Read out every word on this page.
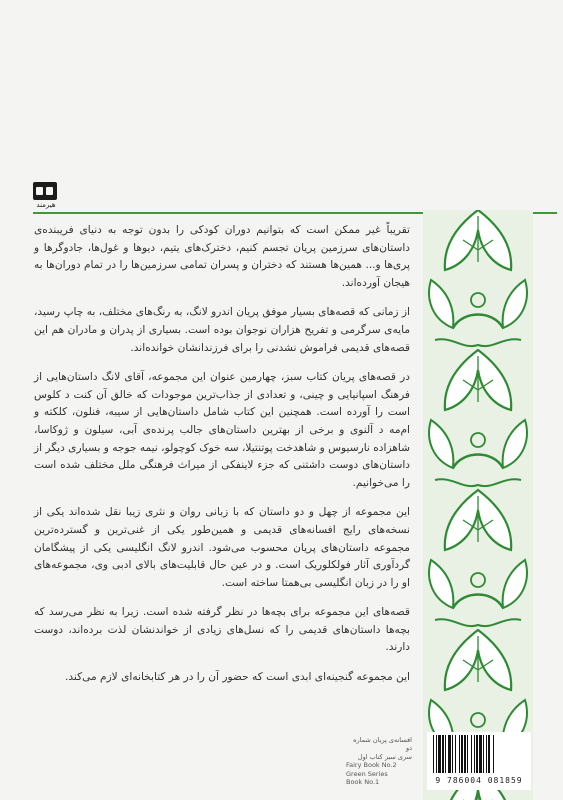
هیرمند

تقریباً غیر ممکن است که بتوانیم دوران کودکی را بدون توجه به دنیای فریبنده‌ی داستان‌های سرزمین پریان تجسم کنیم، دخترک‌های یتیم، دیوها و غول‌ها، جادوگرها و پری‌ها و... همین‌ها هستند که دختران و پسران تمامی سرزمین‌ها را در تمام دوران‌ها به هیجان آورده‌اند.

از زمانی که قصه‌های بسیار موفق پریان اندرو لانگ، به رنگ‌های مختلف، به چاپ رسید، مایه‌ی سرگرمی و تفریح هزاران نوجوان بوده است. بسیاری از پدران و مادران هم این قصه‌های قدیمی فراموش نشدنی را برای فرزندانشان خوانده‌اند.

در قصه‌های پریان کتاب سبز، چهارمین عنوان این مجموعه، آقای لانگ داستان‌هایی از فرهنگ اسپانیایی و چینی، و تعدادی از جذاب‌ترین موجودات که خالق آن کنت د کلوس است را آورده است. همچنین این کتاب شامل داستان‌هایی از سیبه، فنلون، کلکته و ام‌مه د آلنوی و برخی از بهترین داستان‌های جالب پرنده‌ی آبی، سیلون و ژوکاسا، شاهزاده نارسیوس و شاهدخت پوتنتیلا، سه خوک کوچولو، نیمه جوجه و بسیاری دیگر از داستان‌های دوست داشتنی که جزء لاینفکی از میراث فرهنگی ملل مختلف شده است را می‌خوانیم.

این مجموعه از چهل و دو داستان که با زبانی روان و نثری زیبا نقل شده‌اند یکی از نسخه‌های رایج افسانه‌های قدیمی و همین‌طور یکی از غنی‌ترین و گسترده‌ترین مجموعه داستان‌های پریان محسوب می‌شود. اندرو لانگ انگلیسی یکی از پیشگامان گردآوری آثار فولکلوریک است. و در عین حال قابلیت‌های بالای ادبی وی، مجموعه‌های او را در زبان انگلیسی بی‌همتا ساخته است.

قصه‌های این مجموعه برای بچه‌ها در نظر گرفته شده است. زیرا به نظر می‌رسد که بچه‌ها داستان‌های قدیمی را که نسل‌های زیادی از خواندنشان لذت برده‌اند، دوست دارند.

این مجموعه گنجینه‌ای ابدی است که حضور آن را در هر کتابخانه‌ای لازم می‌کند.

افسانه‌ی پریان شماره دو
سری سبز کتاب اول
Fairy Book No.2
Green Series
Book No.1	9 786004 081859
